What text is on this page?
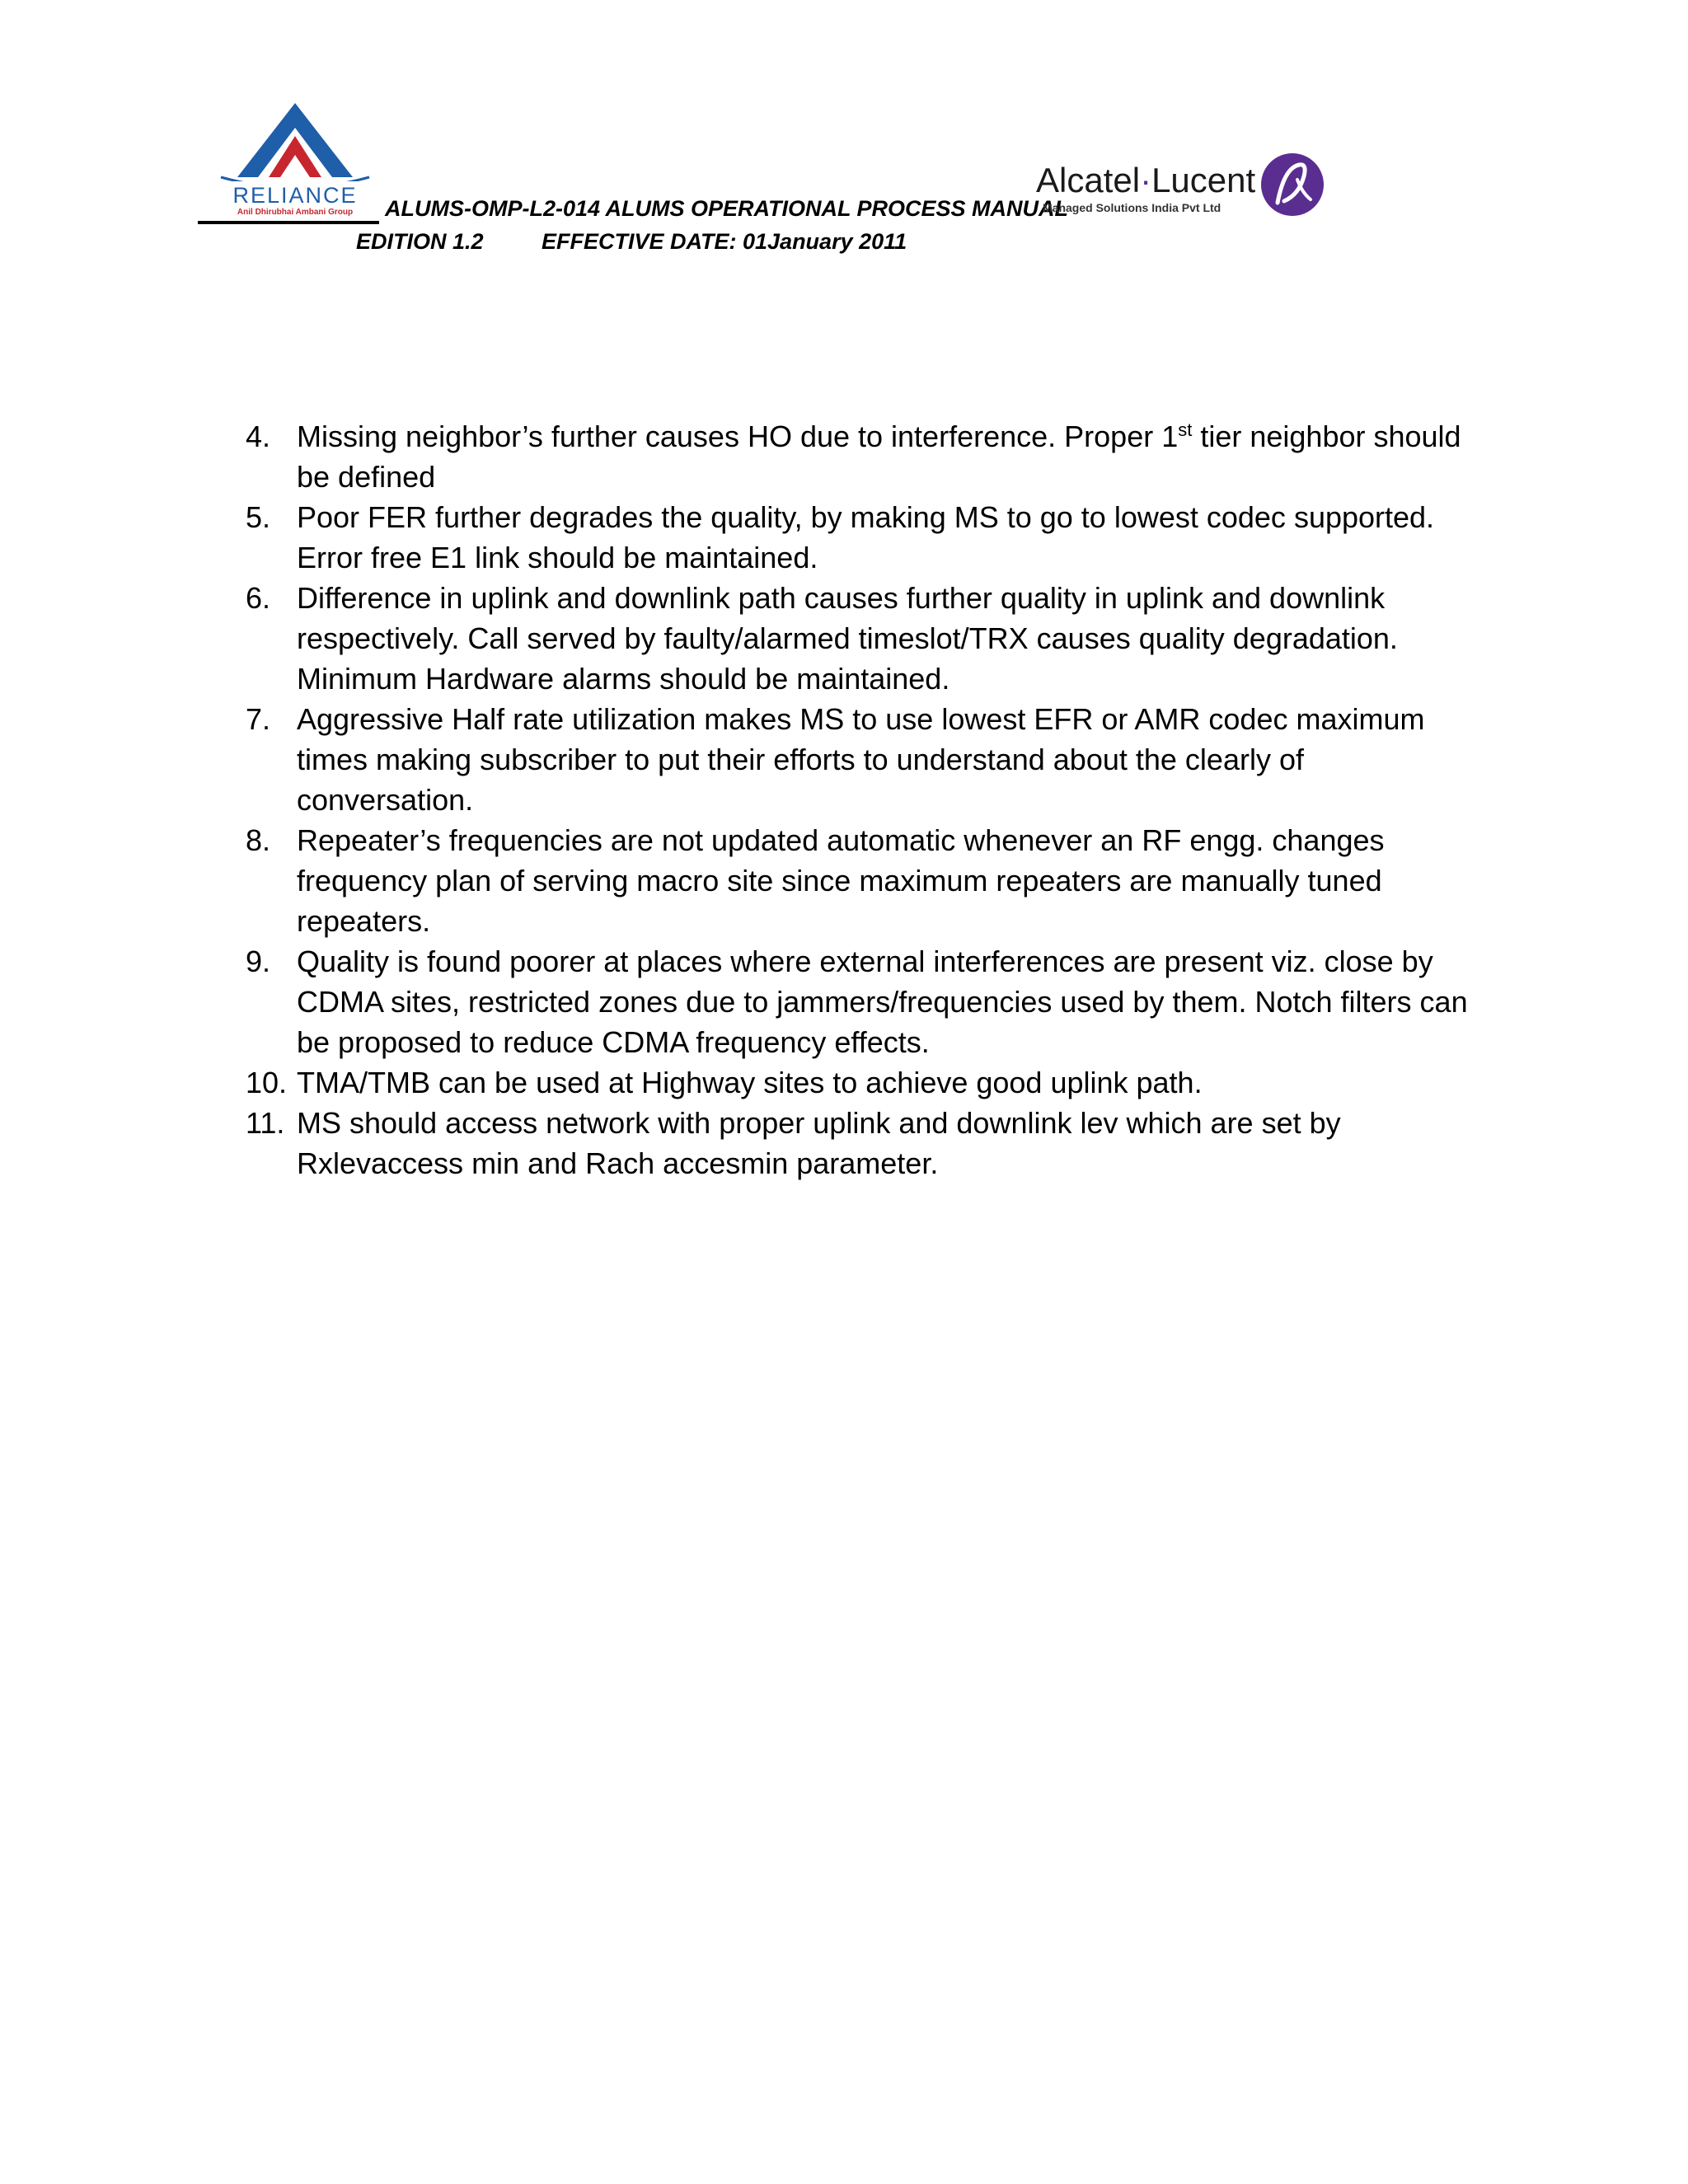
RELIANCE
Anil Dhirubhai Ambani Group	ALUMS-OMP-L2-014 ALUMS OPERATIONAL PROCESS MANUAL
EDITION 1.2	EFFECTIVE DATE: 01January 2011
Alcatel·Lucent
Managed Solutions India Pvt Ltd
4. Missing neighbor’s further causes HO due to interference. Proper 1st tier neighbor should be defined
5. Poor FER further degrades the quality, by making MS to go to lowest codec supported. Error free E1 link should be maintained.
6. Difference in uplink and downlink path causes further quality in uplink and downlink respectively. Call served by faulty/alarmed timeslot/TRX causes quality degradation. Minimum Hardware alarms should be maintained.
7. Aggressive Half rate utilization makes MS to use lowest EFR or AMR codec maximum times making subscriber to put their efforts to understand about the clearly of conversation.
8. Repeater’s frequencies are not updated automatic whenever an RF engg. changes frequency plan of serving macro site since maximum repeaters are manually tuned repeaters.
9. Quality is found poorer at places where external interferences are present viz. close by CDMA sites, restricted zones due to jammers/frequencies used by them. Notch filters can be proposed to reduce CDMA frequency effects.
10. TMA/TMB can be used at Highway sites to achieve good uplink path.
11. MS should access network with proper uplink and downlink lev which are set by Rxlevaccess min and Rach accesmin parameter.
